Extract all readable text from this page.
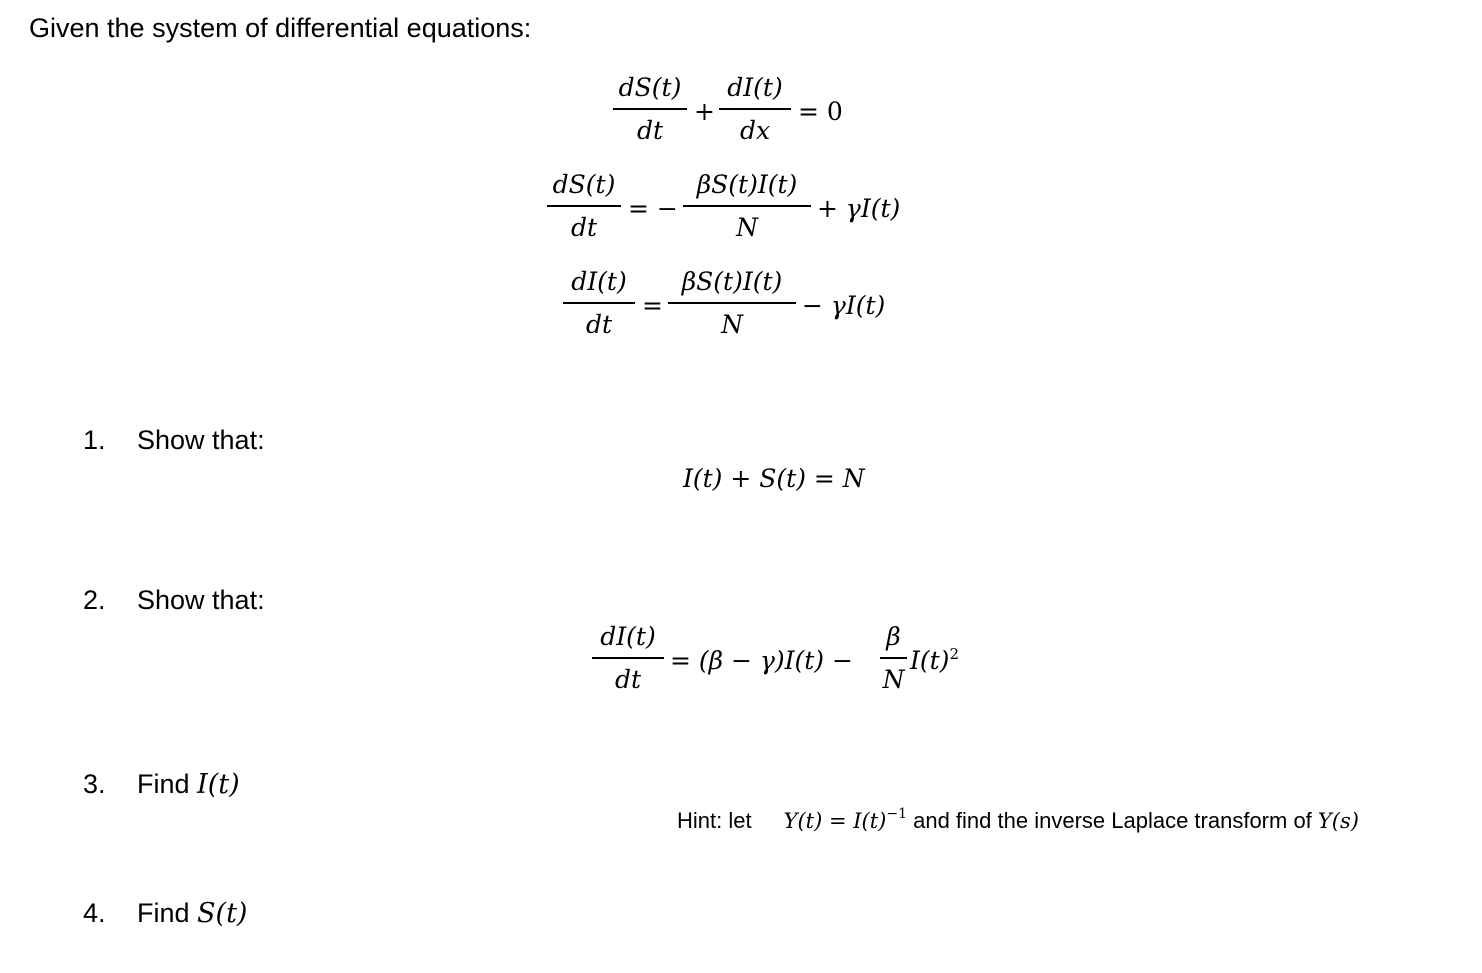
Given the system of differential equations:
dS(t)
dt
+
dI(t)
dx
= 0
dS(t)
dt
= −
βS(t)I(t)
N
+ γI(t)
dI(t)
dt
=
βS(t)I(t)
N
− γI(t)
1. Show that:
I(t) + S(t) = N
2. Show that:
dI(t)
dt
= (β − γ)I(t) −
β
N
$I(t)^2$
3. Find I(t)
Hint: let $Y(t) = I(t)^{-1}$ and find the inverse Laplace transform of Y(s)
4. Find S(t)
